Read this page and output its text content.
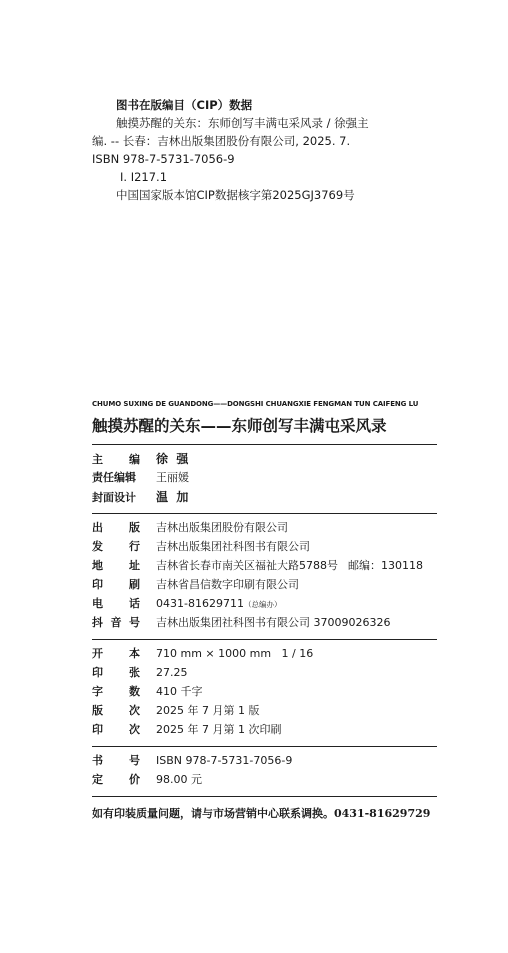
图书在版编目（CIP）数据
触摸苏醒的关东：东师创写丰满屯采风录 / 徐强主
编. -- 长春：吉林出版集团股份有限公司, 2025. 7.
ISBN 978-7-5731-7056-9
Ⅰ. I217.1
中国国家版本馆CIP数据核字第2025GJ3769号
CHUMO SUXING DE GUANDONG——DONGSHI CHUANGXIE FENGMAN TUN CAIFENG LU
触摸苏醒的关东——东师创写丰满屯采风录
主 编 徐  强
责任编辑	王丽媛
封面设计	温  加
出 版 吉林出版集团股份有限公司
发 行 吉林出版集团社科图书有限公司
地 址 吉林省长春市南关区福祉大路5788号 邮编：130118
印 刷 吉林省昌信数字印刷有限公司
电 话 0431-81629711（总编办）
抖 音 号 吉林出版集团社科图书有限公司 37009026326
开 本 710 mm × 1000 mm   1 / 16
印 张 27.25
字 数 410 千字
版 次 2025 年 7 月第 1 版
印 次 2025 年 7 月第 1 次印刷
书 号 ISBN 978-7-5731-7056-9
定 价 98.00 元
如有印装质量问题，请与市场营销中心联系调换。0431-81629729
